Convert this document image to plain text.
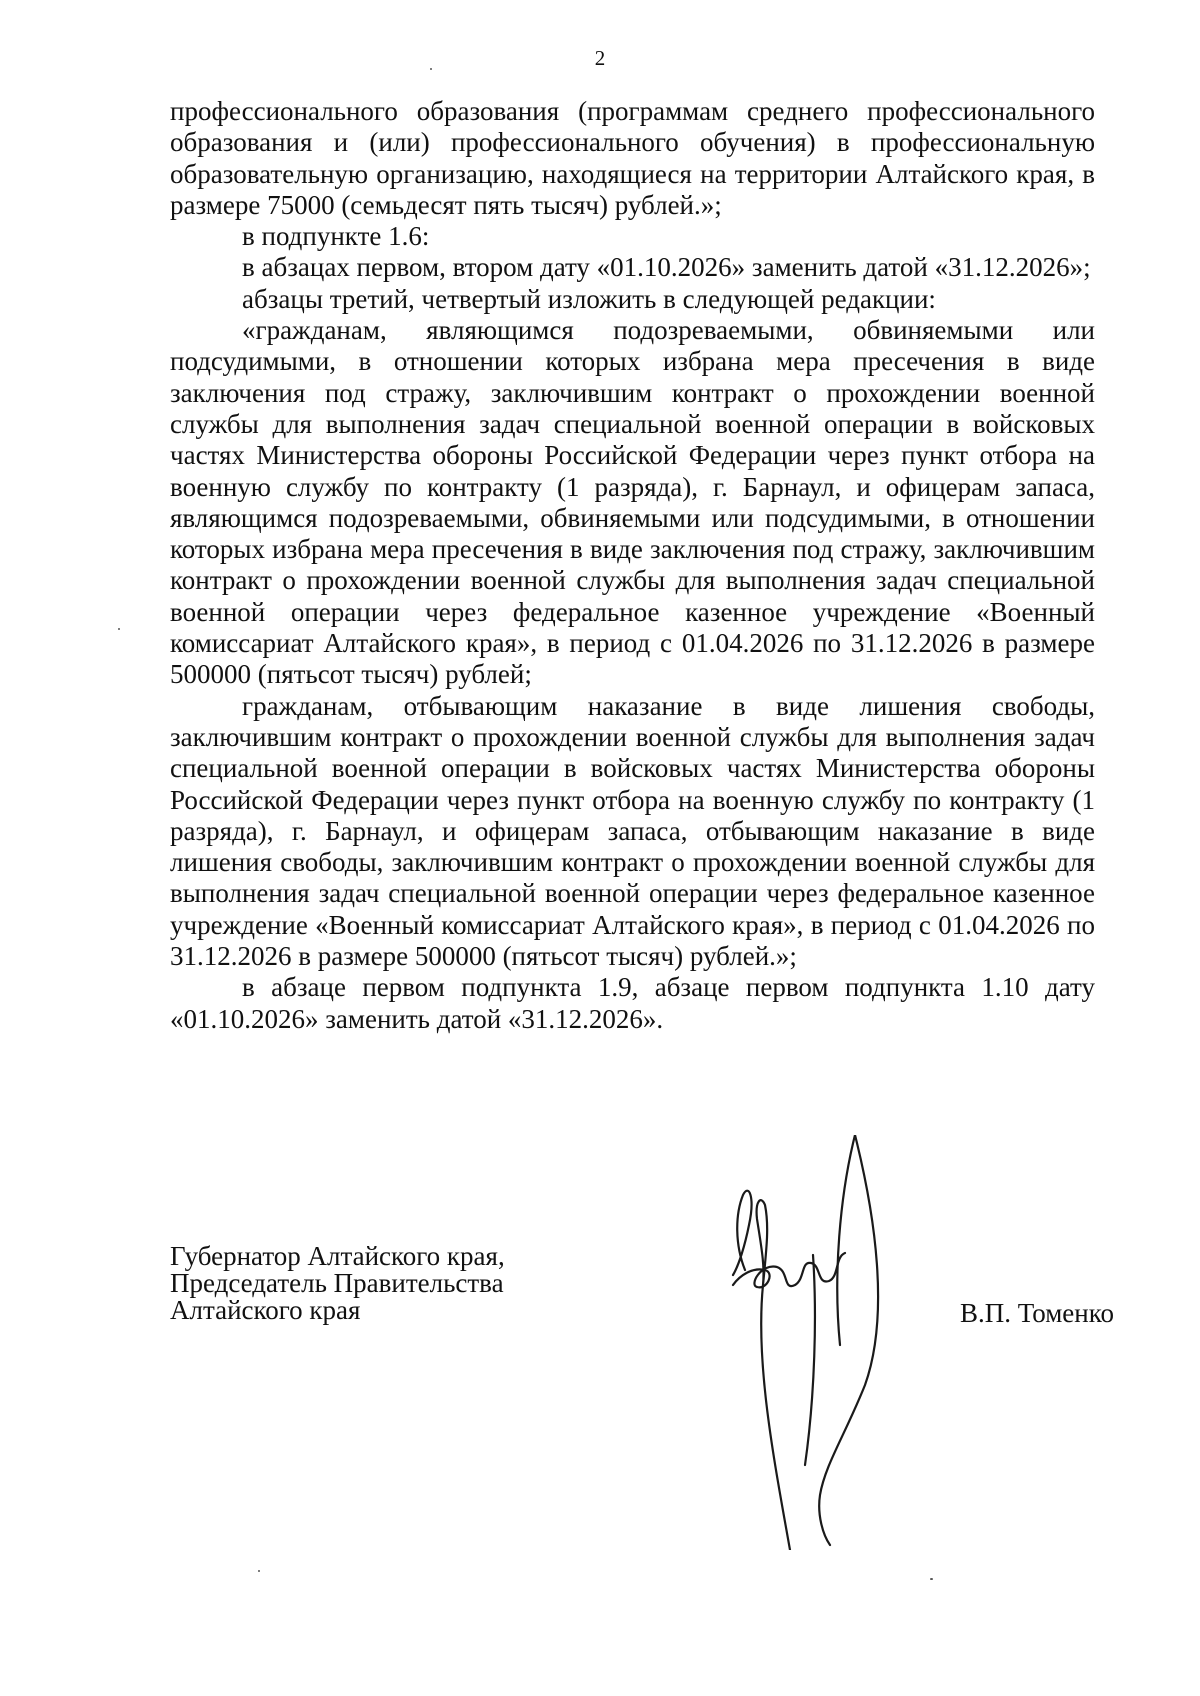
2

профессионального образования (программам среднего профессионального образования и (или) профессионального обучения) в профессиональную образовательную организацию, находящиеся на территории Алтайского края, в размере 75000 (семьдесят пять тысяч) рублей.»;

в подпункте 1.6:

в абзацах первом, втором дату «01.10.2026» заменить датой «31.12.2026»;

абзацы третий, четвертый изложить в следующей редакции:

«гражданам, являющимся подозреваемыми, обвиняемыми или подсудимыми, в отношении которых избрана мера пресечения в виде заключения под стражу, заключившим контракт о прохождении военной службы для выполнения задач специальной военной операции в войсковых частях Министерства обороны Российской Федерации через пункт отбора на военную службу по контракту (1 разряда), г. Барнаул, и офицерам запаса, являющимся подозреваемыми, обвиняемыми или подсудимыми, в отношении которых избрана мера пресечения в виде заключения под стражу, заключившим контракт о прохождении военной службы для выполнения задач специальной военной операции через федеральное казенное учреждение «Военный комиссариат Алтайского края», в период с 01.04.2026 по 31.12.2026 в размере 500000 (пятьсот тысяч) рублей;

гражданам, отбывающим наказание в виде лишения свободы, заключившим контракт о прохождении военной службы для выполнения задач специальной военной операции в войсковых частях Министерства обороны Российской Федерации через пункт отбора на военную службу по контракту (1 разряда), г. Барнаул, и офицерам запаса, отбывающим наказание в виде лишения свободы, заключившим контракт о прохождении военной службы для выполнения задач специальной военной операции через федеральное казенное учреждение «Военный комиссариат Алтайского края», в период с 01.04.2026 по 31.12.2026 в размере 500000 (пятьсот тысяч) рублей.»;

в абзаце первом подпункта 1.9, абзаце первом подпункта 1.10 дату «01.10.2026» заменить датой «31.12.2026».

Губернатор Алтайского края,
Председатель Правительства
Алтайского края	В.П. Томенко
